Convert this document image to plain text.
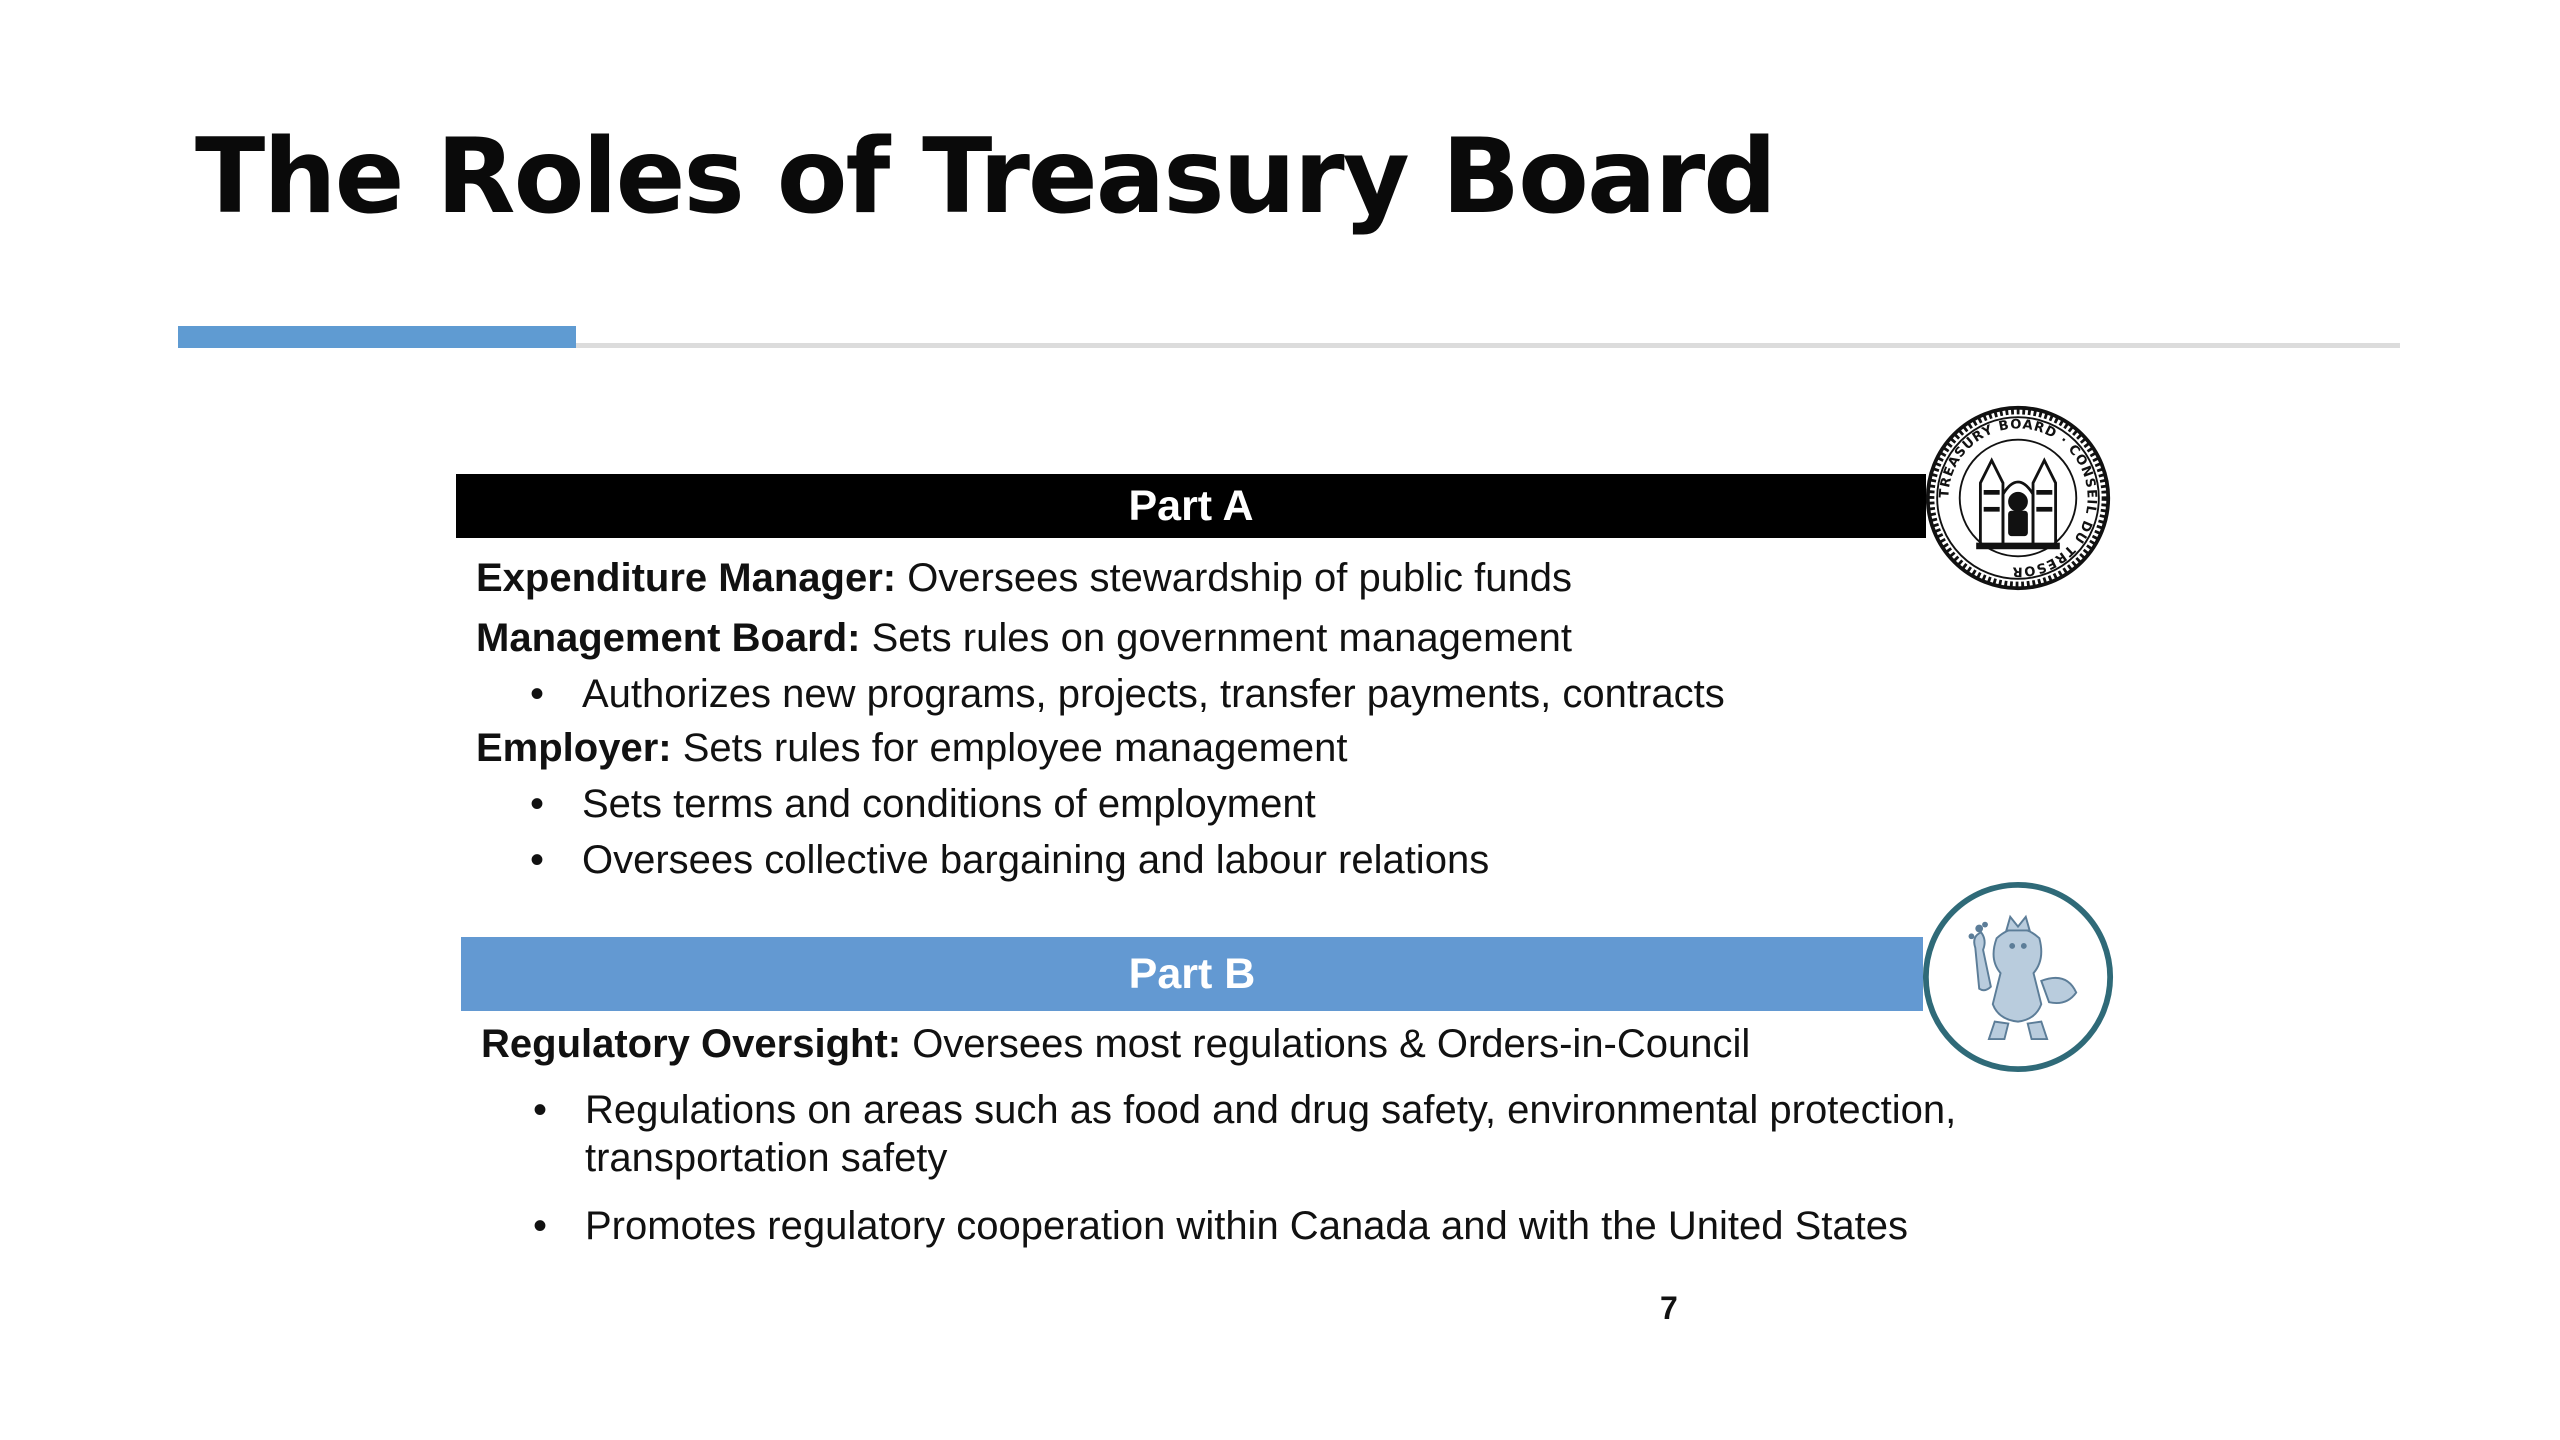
The Roles of Treasury Board
Part A	TREASURY BOARD · CONSEIL DU TRÉSOR
Expenditure Manager: Oversees stewardship of public funds
Management Board: Sets rules on government management
• Authorizes new programs, projects, transfer payments, contracts
Employer: Sets rules for employee management
• Sets terms and conditions of employment
• Oversees collective bargaining and labour relations
Part B
Regulatory Oversight: Oversees most regulations & Orders-in-Council
• Regulations on areas such as food and drug safety, environmental protection, transportation safety
• Promotes regulatory cooperation within Canada and with the United States
7
